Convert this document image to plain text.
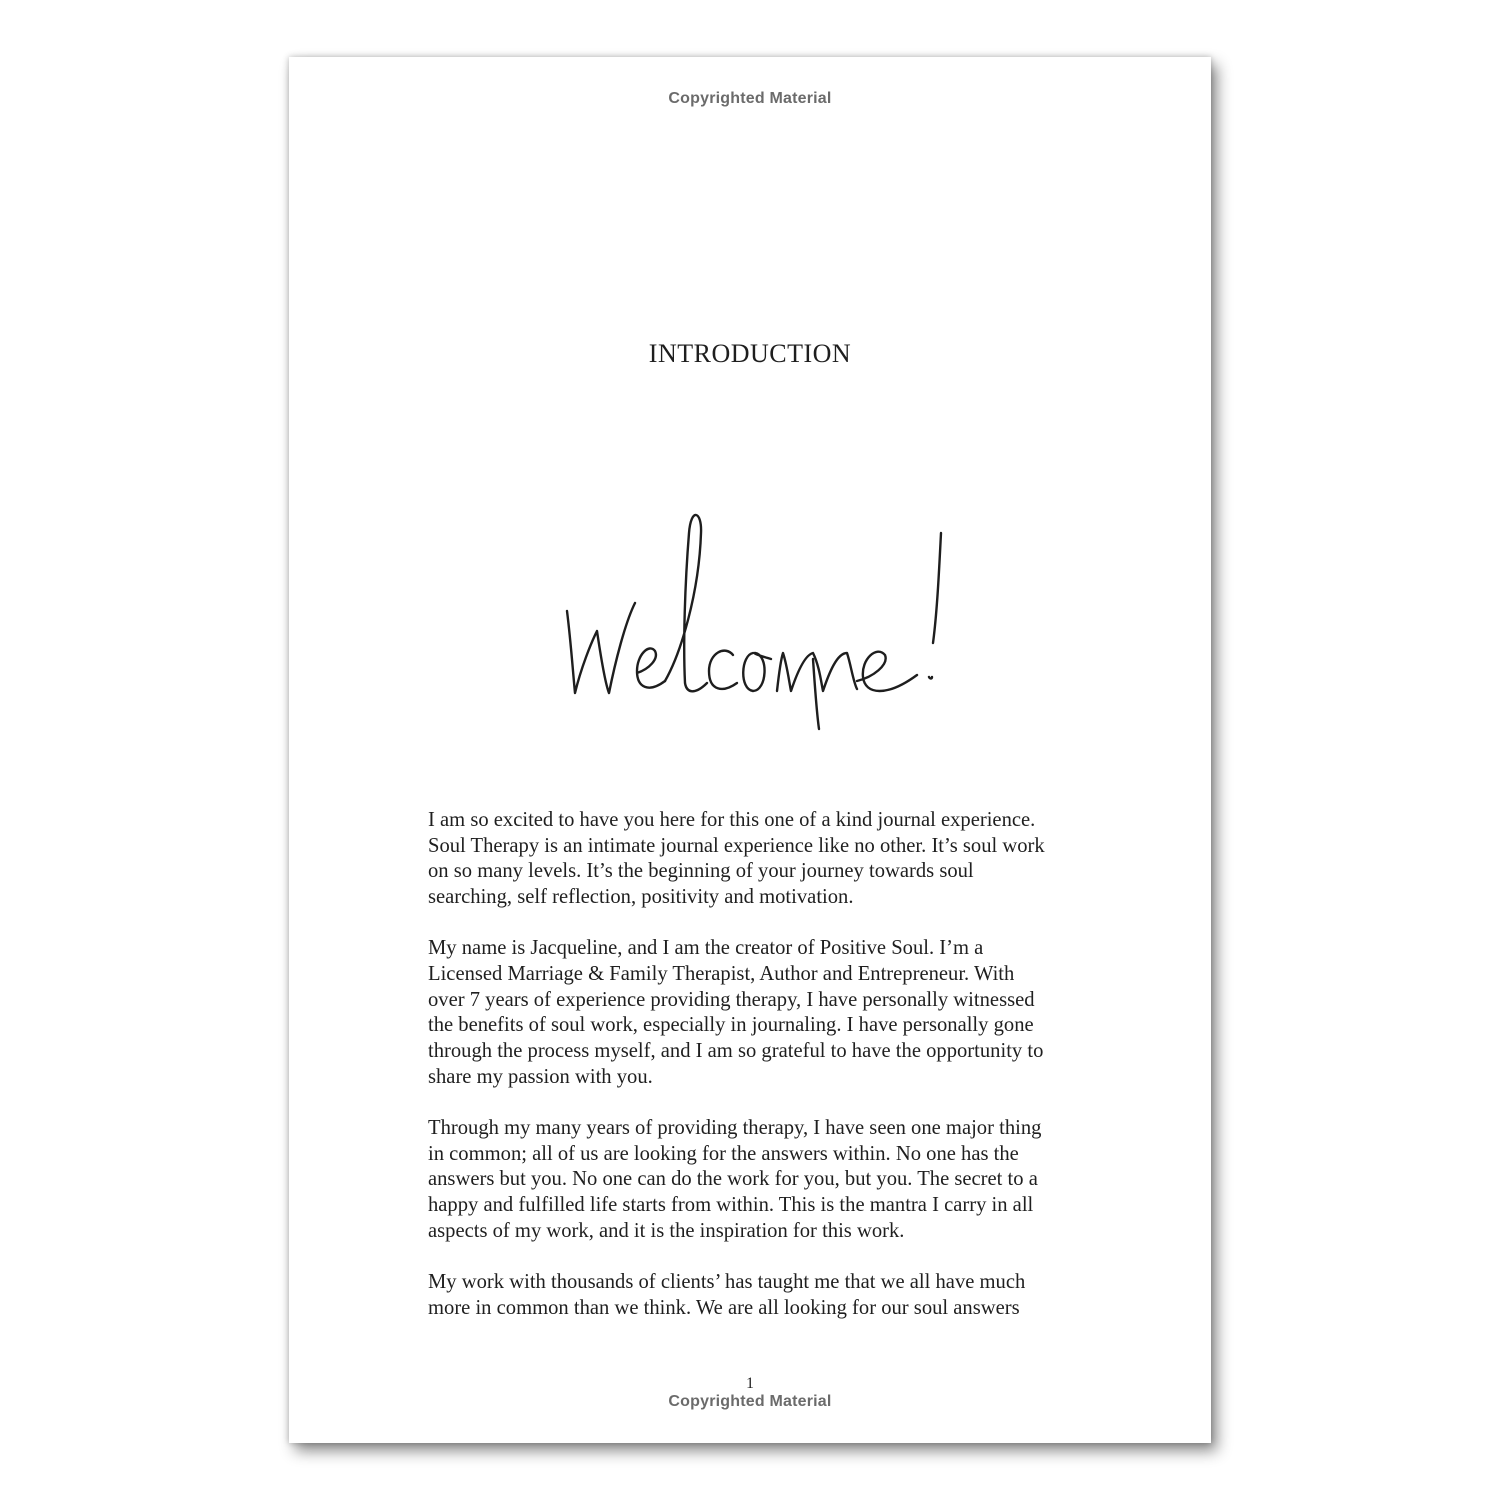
Copyrighted Material
INTRODUCTION

I am so excited to have you here for this one of a kind journal experience.
Soul Therapy is an intimate journal experience like no other. It’s soul work
on so many levels. It’s the beginning of your journey towards soul
searching, self reflection, positivity and motivation.

My name is Jacqueline, and I am the creator of Positive Soul. I’m a
Licensed Marriage & Family Therapist, Author and Entrepreneur. With
over 7 years of experience providing therapy, I have personally witnessed
the benefits of soul work, especially in journaling. I have personally gone
through the process myself, and I am so grateful to have the opportunity to
share my passion with you.

Through my many years of providing therapy, I have seen one major thing
in common; all of us are looking for the answers within. No one has the
answers but you. No one can do the work for you, but you. The secret to a
happy and fulfilled life starts from within. This is the mantra I carry in all
aspects of my work, and it is the inspiration for this work.

My work with thousands of clients’ has taught me that we all have much
more in common than we think. We are all looking for our soul answers

1
Copyrighted Material
